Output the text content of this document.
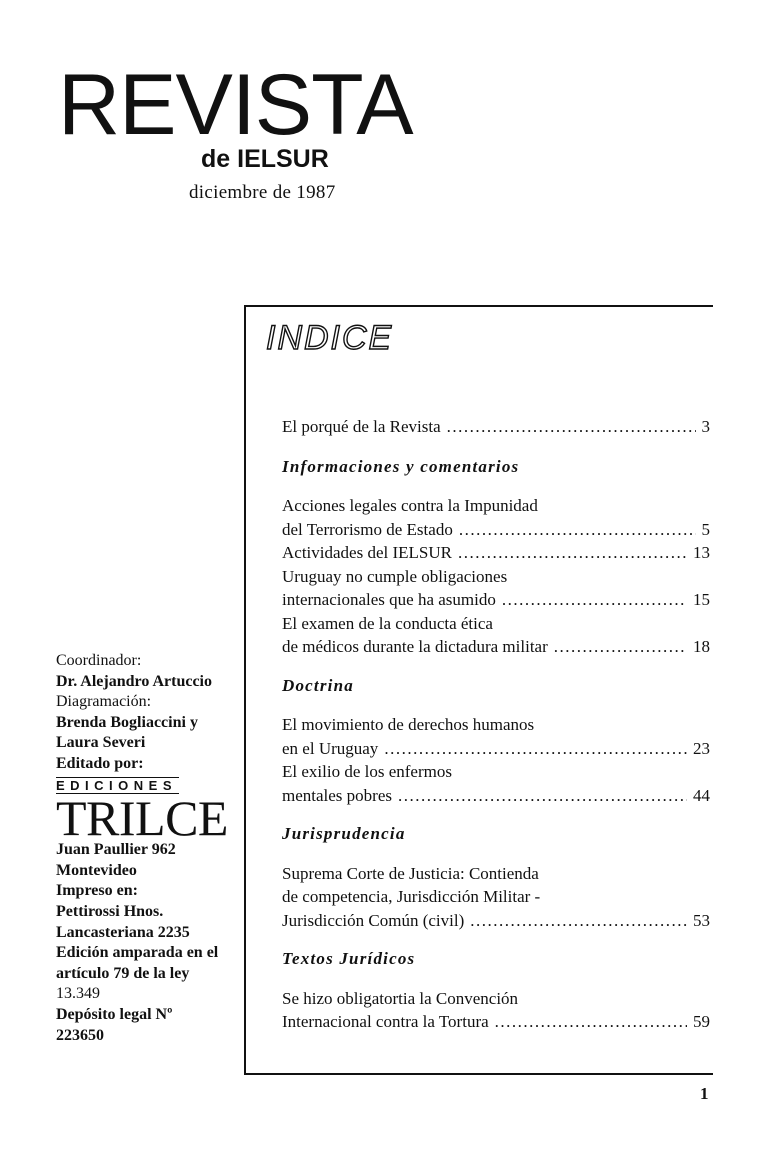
REVISTA
de IELSUR
diciembre de 1987
Coordinador:
Dr. Alejandro Artuccio
Diagramación:
Brenda Bogliaccini y
Laura Severi
Editado por:
EDICIONES
TRILCE
Juan Paullier 962
Montevideo
Impreso en:
Pettirossi Hnos.
Lancasteriana 2235
Edición amparada en el
artículo 79 de la ley
13.349
Depósito legal Nº
223650
INDICE
El porqué de la Revista .....	3
Informaciones y comentarios
Acciones legales contra la Impunidad
del Terrorismo de Estado .....	5
Actividades del IELSUR .....	13
Uruguay no cumple obligaciones
internacionales que ha asumido .....	15
El examen de la conducta ética
de médicos durante la dictadura militar .....	18
Doctrina
El movimiento de derechos humanos
en el Uruguay .....	23
El exilio de los enfermos
mentales pobres .....	44
Jurisprudencia
Suprema Corte de Justicia: Contienda
de competencia, Jurisdicción Militar -
Jurisdicción Común (civil) .....	53
Textos Jurídicos
Se hizo obligatortia la Convención
Internacional contra la Tortura .....	59
1
